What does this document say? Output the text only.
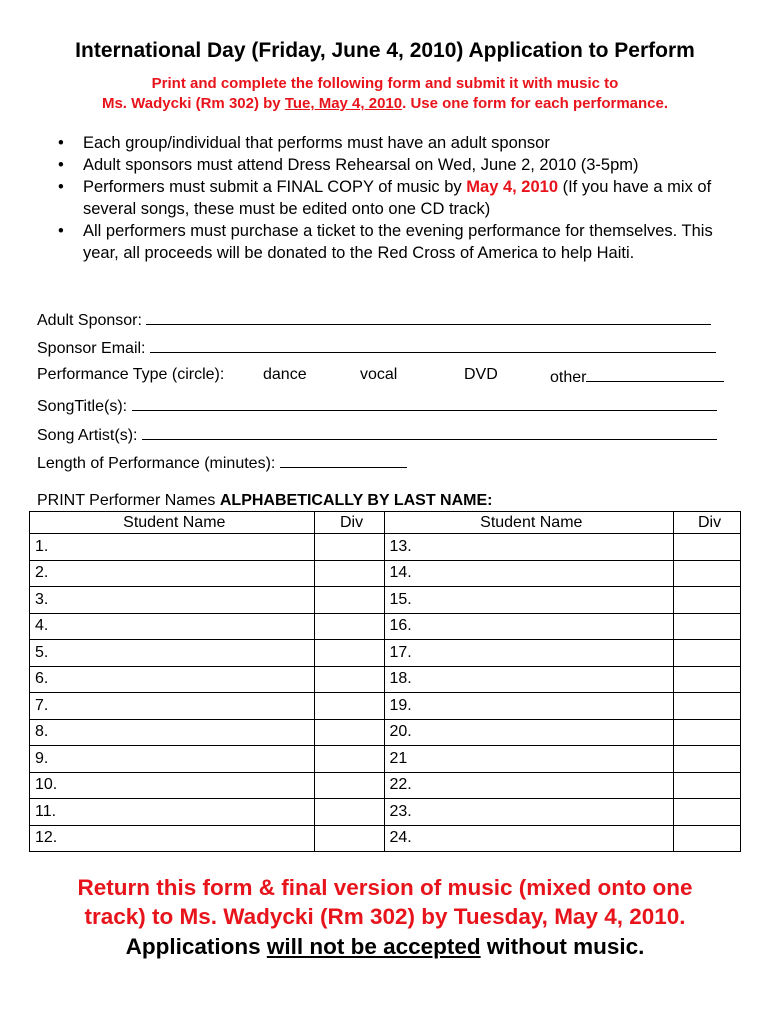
International Day (Friday, June 4, 2010) Application to Perform
Print and complete the following form and submit it with music to
Ms. Wadycki (Rm 302) by Tue, May 4, 2010. Use one form for each performance.
• Each group/individual that performs must have an adult sponsor
• Adult sponsors must attend Dress Rehearsal on Wed, June 2, 2010 (3-5pm)
• Performers must submit a FINAL COPY of music by May 4, 2010 (If you have a mix of several songs, these must be edited onto one CD track)
• All performers must purchase a ticket to the evening performance for themselves. This year, all proceeds will be donated to the Red Cross of America to help Haiti.
Adult Sponsor:
Sponsor Email:
Performance Type (circle): dance	vocal	DVD	other
SongTitle(s):
Song Artist(s):
Length of Performance (minutes):
PRINT Performer Names ALPHABETICALLY BY LAST NAME:
Student Name	Div	Student Name	Div
1.		13.	
2.		14.	
3.		15.	
4.		16.	
5.		17.	
6.		18.	
7.		19.	
8.		20.	
9.		21	
10.		22.	
11.		23.	
12.		24.	
Return this form & final version of music (mixed onto one
track) to Ms. Wadycki (Rm 302) by Tuesday, May 4, 2010.
Applications will not be accepted without music.
